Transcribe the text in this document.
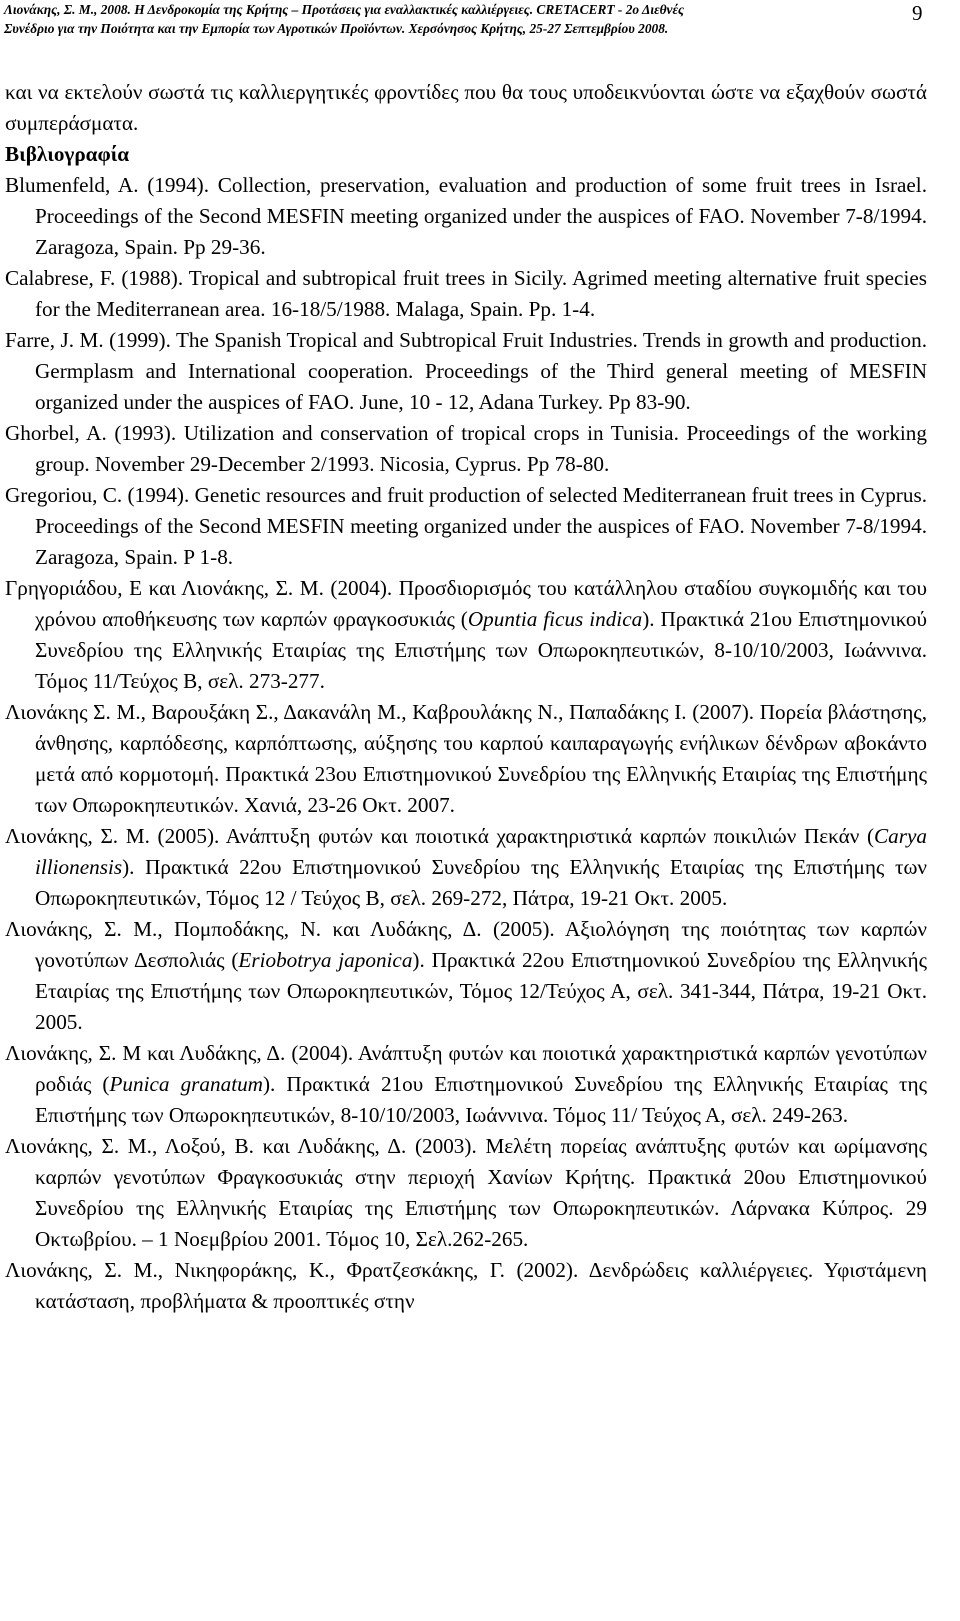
Λιονάκης, Σ. Μ., 2008. Η Δενδροκομία της Κρήτης – Προτάσεις για εναλλακτικές καλλιέργειες. CRETACERT - 2ο Διεθνές
Συνέδριο για την Ποιότητα και την Εμπορία των Αγροτικών Προϊόντων. Χερσόνησος Κρήτης, 25-27 Σεπτεμβρίου 2008.
9

και να εκτελούν σωστά τις καλλιεργητικές φροντίδες που θα τους υποδεικνύονται ώστε να εξαχθούν σωστά συμπεράσματα.

Βιβλιογραφία

Blumenfeld, A. (1994). Collection, preservation, evaluation and production of some fruit trees in Israel. Proceedings of the Second MESFIN meeting organized under the auspices of FAO. November 7-8/1994. Zaragoza, Spain. Pp 29-36.

Calabrese, F. (1988). Tropical and subtropical fruit trees in Sicily. Agrimed meeting alternative fruit species for the Mediterranean area. 16-18/5/1988. Malaga, Spain. Pp. 1-4.

Farre, J. M. (1999). The Spanish Tropical and Subtropical Fruit Industries. Trends in growth and production. Germplasm and International cooperation. Proceedings of the Third general meeting of MESFIN organized under the auspices of FAO. June, 10 - 12, Adana Turkey. Pp 83-90.

Ghorbel, A. (1993). Utilization and conservation of tropical crops in Tunisia. Proceedings of the working group. November 29-December 2/1993. Nicosia, Cyprus. Pp 78-80.

Gregoriou, C. (1994). Genetic resources and fruit production of selected Mediterranean fruit trees in Cyprus. Proceedings of the Second MESFIN meeting organized under the auspices of FAO. November 7-8/1994. Zaragoza, Spain. P 1-8.

Γρηγοριάδου, Ε και Λιονάκης, Σ. Μ. (2004). Προσδιορισμός του κατάλληλου σταδίου συγκομιδής και του χρόνου αποθήκευσης των καρπών φραγκοσυκιάς (Opuntia ficus indica). Πρακτικά 21ου Επιστημονικού Συνεδρίου της Ελληνικής Εταιρίας της Επιστήμης των Οπωροκηπευτικών, 8-10/10/2003, Ιωάννινα. Τόμος 11/Τεύχος Β, σελ. 273-277.

Λιονάκης Σ. Μ., Βαρουξάκη Σ., Δακανάλη Μ., Καβρουλάκης Ν., Παπαδάκης Ι. (2007). Πορεία βλάστησης, άνθησης, καρπόδεσης, καρπόπτωσης, αύξησης του καρπού καιπαραγωγής ενήλικων δένδρων αβοκάντο μετά από κορμοτομή. Πρακτικά 23ου Επιστημονικού Συνεδρίου της Ελληνικής Εταιρίας της Επιστήμης των Οπωροκηπευτικών. Χανιά, 23-26 Οκτ. 2007.

Λιονάκης, Σ. Μ. (2005). Ανάπτυξη φυτών και ποιοτικά χαρακτηριστικά καρπών ποικιλιών Πεκάν (Carya illionensis). Πρακτικά 22ου Επιστημονικού Συνεδρίου της Ελληνικής Εταιρίας της Επιστήμης των Οπωροκηπευτικών, Τόμος 12 / Τεύχος Β, σελ. 269-272, Πάτρα, 19-21 Οκτ. 2005.

Λιονάκης, Σ. Μ., Πομποδάκης, Ν. και Λυδάκης, Δ. (2005). Αξιολόγηση της ποιότητας των καρπών γονοτύπων Δεσπολιάς (Eriobotrya japonica). Πρακτικά 22ου Επιστημονικού Συνεδρίου της Ελληνικής Εταιρίας της Επιστήμης των Οπωροκηπευτικών, Τόμος 12/Τεύχος Α, σελ. 341-344, Πάτρα, 19-21 Οκτ. 2005.

Λιονάκης, Σ. Μ και Λυδάκης, Δ. (2004). Ανάπτυξη φυτών και ποιοτικά χαρακτηριστικά καρπών γενοτύπων ροδιάς (Punica granatum). Πρακτικά 21ου Επιστημονικού Συνεδρίου της Ελληνικής Εταιρίας της Επιστήμης των Οπωροκηπευτικών, 8-10/10/2003, Ιωάννινα. Τόμος 11/ Τεύχος Α, σελ. 249-263.

Λιονάκης, Σ. Μ., Λοξού, Β. και Λυδάκης, Δ. (2003). Μελέτη πορείας ανάπτυξης φυτών και ωρίμανσης καρπών γενοτύπων Φραγκοσυκιάς στην περιοχή Χανίων Κρήτης. Πρακτικά 20ου Επιστημονικού Συνεδρίου της Ελληνικής Εταιρίας της Επιστήμης των Οπωροκηπευτικών. Λάρνακα Κύπρος. 29 Οκτωβρίου. – 1 Νοεμβρίου 2001. Τόμος 10, Σελ.262-265.

Λιονάκης, Σ. Μ., Νικηφοράκης, Κ., Φρατζεσκάκης, Γ. (2002). Δενδρώδεις καλλιέργειες. Υφιστάμενη κατάσταση, προβλήματα & προοπτικές στην
